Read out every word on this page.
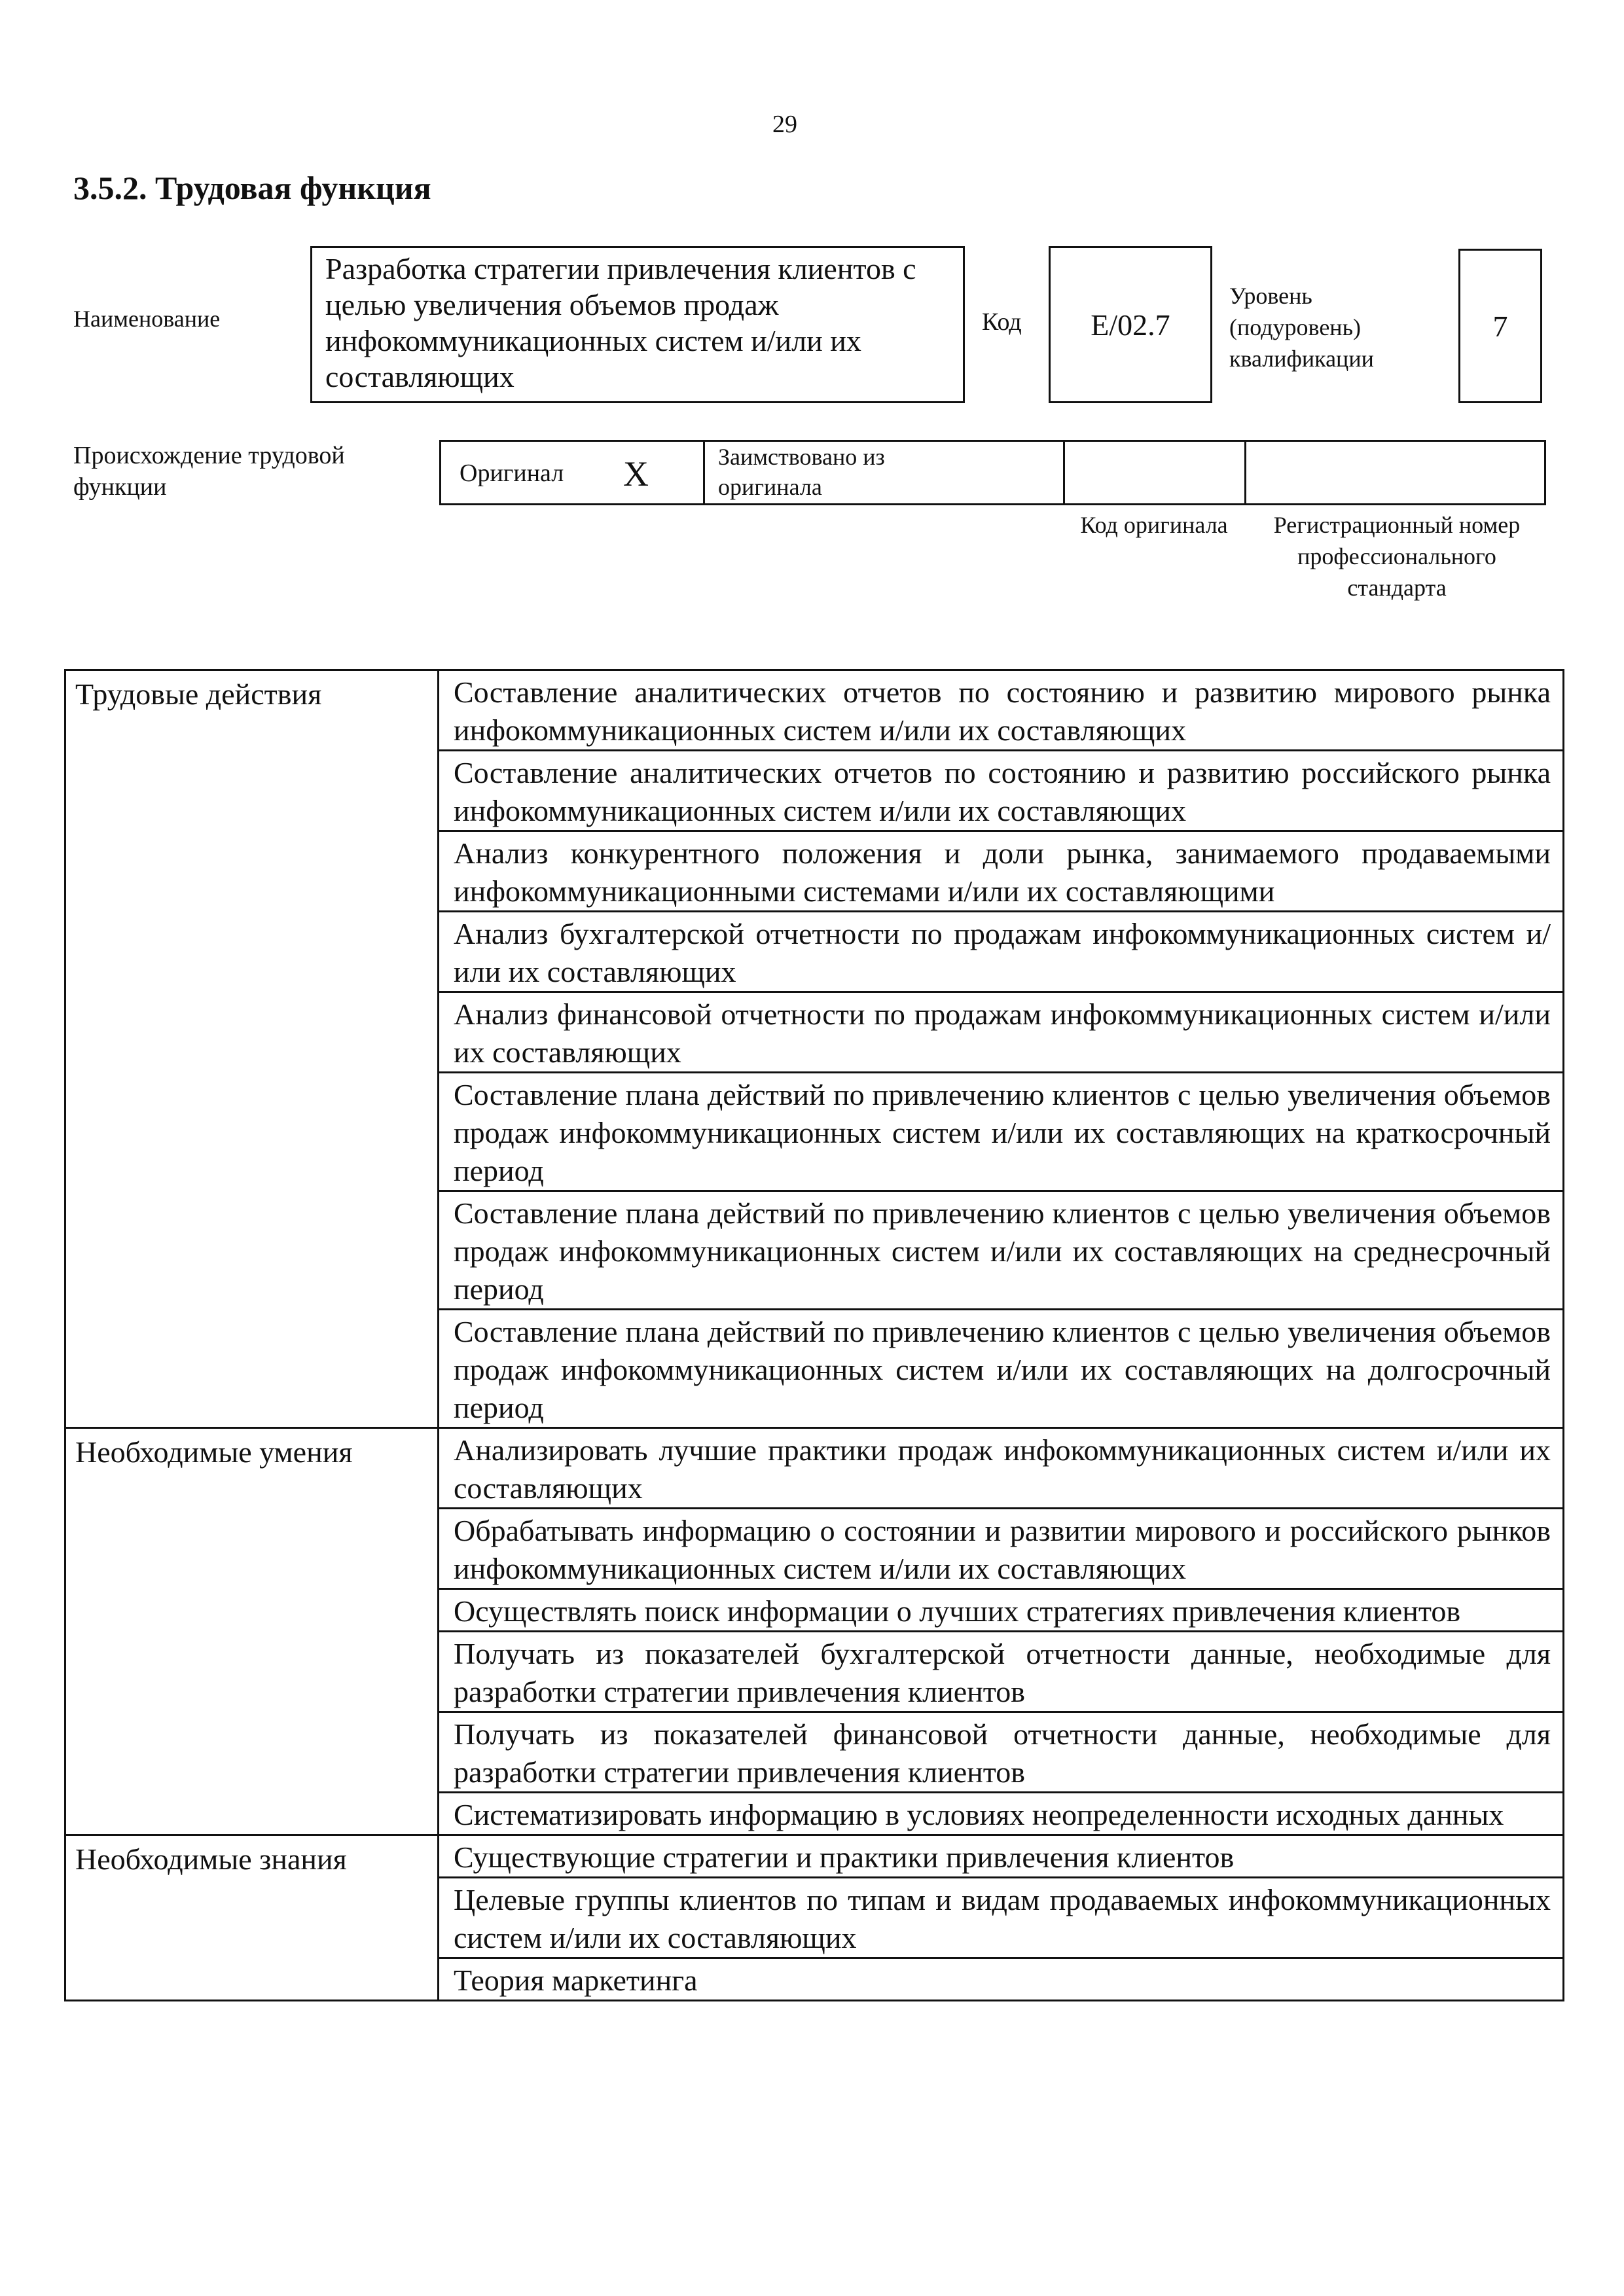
29
3.5.2. Трудовая функция
Наименование
Разработка стратегии привлечения клиентов с целью увеличения объемов продаж инфокоммуникационных систем и/или их составляющих
Код E/02.7
Уровень (подуровень) квалификации
7
Происхождение трудовой функции	Оригинал X	Заимствовано из оригинала
Код оригинала	Регистрационный номер профессионального стандарта
Трудовые действия	Составление аналитических отчетов по состоянию и развитию мирового рынка инфокоммуникационных систем и/или их составляющих

	Составление аналитических отчетов по состоянию и развитию российского рынка инфокоммуникационных систем и/или их составляющих

	Анализ конкурентного положения и доли рынка, занимаемого продаваемыми инфокоммуникационными системами и/или их составляющими

	Анализ бухгалтерской отчетности по продажам инфокоммуникационных систем и/или их составляющих

	Анализ финансовой отчетности по продажам инфокоммуникационных систем и/или их составляющих

	Составление плана действий по привлечению клиентов с целью увеличения объемов продаж инфокоммуникационных систем и/или их составляющих на краткосрочный период

	Составление плана действий по привлечению клиентов с целью увеличения объемов продаж инфокоммуникационных систем и/или их составляющих на среднесрочный период

	Составление плана действий по привлечению клиентов с целью увеличения объемов продаж инфокоммуникационных систем и/или их составляющих на долгосрочный период

Необходимые умения	Анализировать лучшие практики продаж инфокоммуникационных систем и/или их составляющих

	Обрабатывать информацию о состоянии и развитии мирового и российского рынков инфокоммуникационных систем и/или их составляющих

	Осуществлять поиск информации о лучших стратегиях привлечения клиентов

	Получать из показателей бухгалтерской отчетности данные, необходимые для разработки стратегии привлечения клиентов

	Получать из показателей финансовой отчетности данные, необходимые для разработки стратегии привлечения клиентов

	Систематизировать информацию в условиях неопределенности исходных данных

Необходимые знания	Существующие стратегии и практики привлечения клиентов

	Целевые группы клиентов по типам и видам продаваемых инфокоммуникационных систем и/или их составляющих

	Теория маркетинга
